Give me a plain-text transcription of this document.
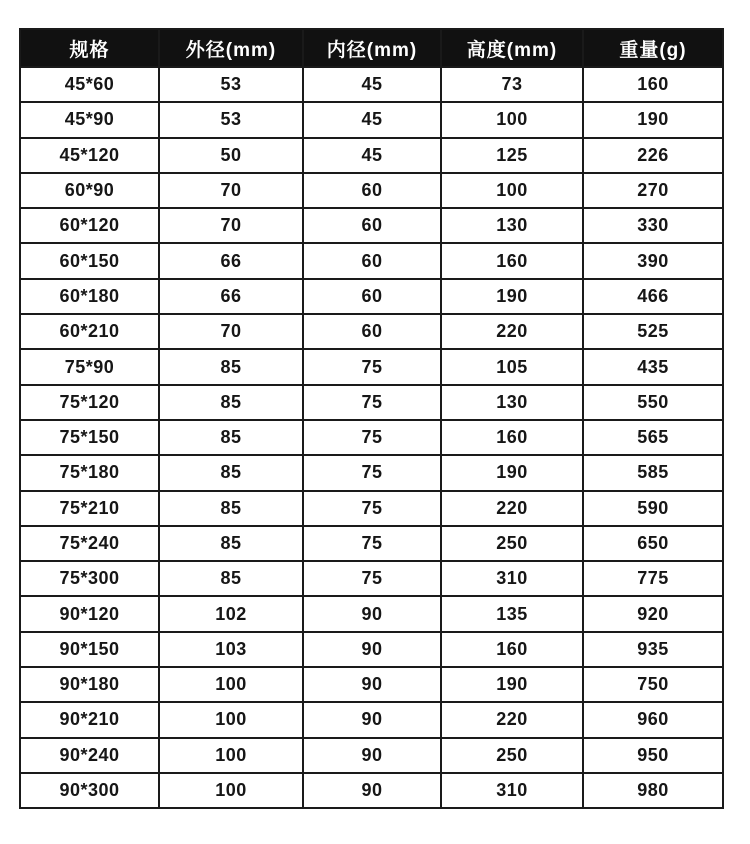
规格	外径(mm)	内径(mm)	高度(mm)	重量(g)
45*60	53	45	73	160
45*90	53	45	100	190
45*120	50	45	125	226
60*90	70	60	100	270
60*120	70	60	130	330
60*150	66	60	160	390
60*180	66	60	190	466
60*210	70	60	220	525
75*90	85	75	105	435
75*120	85	75	130	550
75*150	85	75	160	565
75*180	85	75	190	585
75*210	85	75	220	590
75*240	85	75	250	650
75*300	85	75	310	775
90*120	102	90	135	920
90*150	103	90	160	935
90*180	100	90	190	750
90*210	100	90	220	960
90*240	100	90	250	950
90*300	100	90	310	980
